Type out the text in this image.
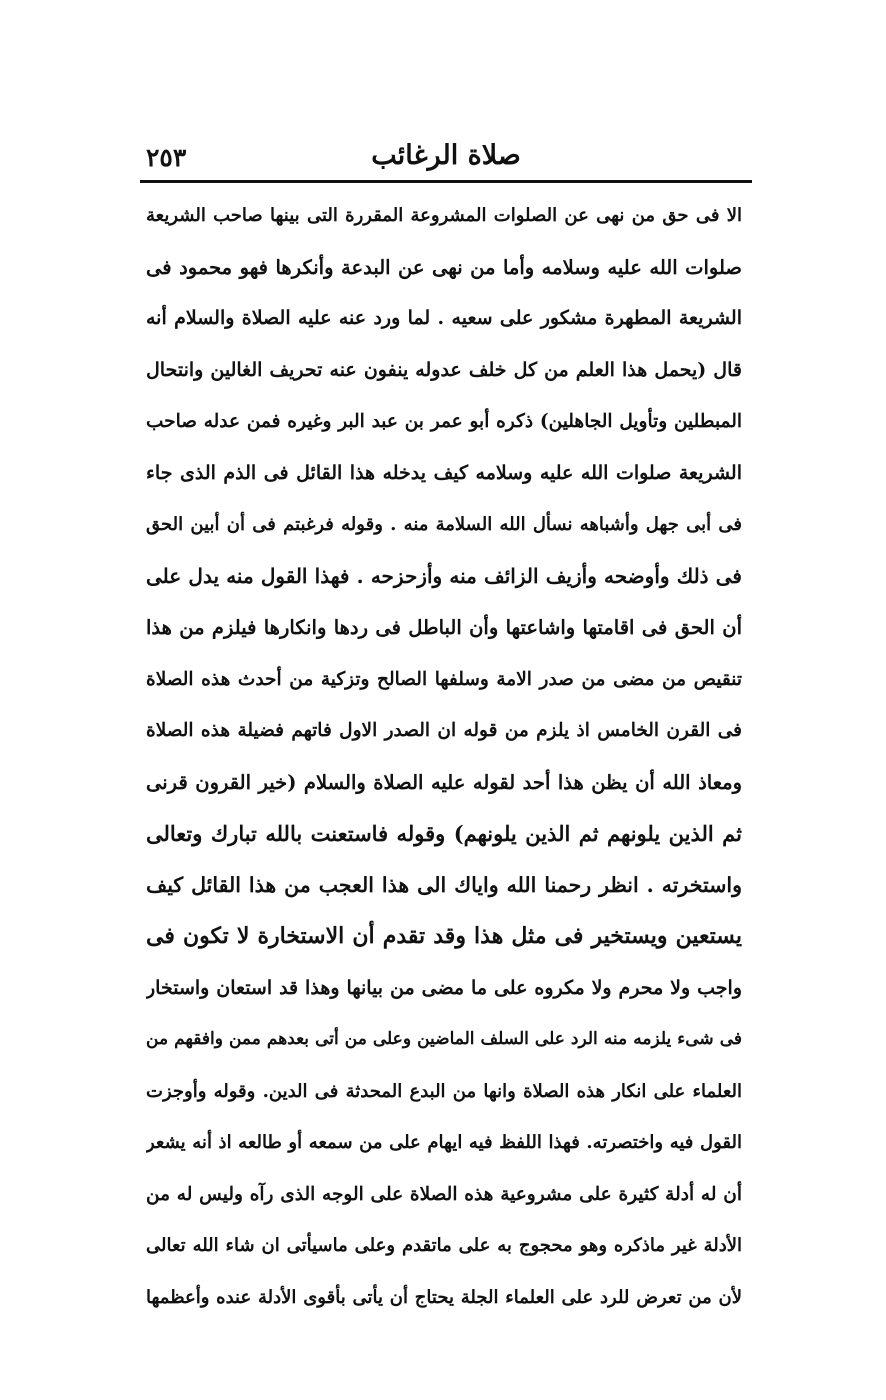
صلاة الرغائب
٢٥٣
الا فى حق من نهى عن الصلوات المشروعة المقررة التى بينها صاحب الشريعة
صلوات الله عليه وسلامه وأما من نهى عن البدعة وأنكرها فهو محمود فى
الشريعة المطهرة مشكور على سعيه . لما ورد عنه عليه الصلاة والسلام أنه
قال (يحمل هذا العلم من كل خلف عدوله ينفون عنه تحريف الغالين وانتحال
المبطلين وتأويل الجاهلين) ذكره أبو عمر بن عبد البر وغيره فمن عدله صاحب
الشريعة صلوات الله عليه وسلامه كيف يدخله هذا القائل فى الذم الذى جاء
فى أبى جهل وأشباهه نسأل الله السلامة منه . وقوله فرغبتم فى أن أبين الحق
فى ذلك وأوضحه وأزيف الزائف منه وأزحزحه . فهذا القول منه يدل على
أن الحق فى اقامتها واشاعتها وأن الباطل فى ردها وانكارها فيلزم من هذا
تنقيص من مضى من صدر الامة وسلفها الصالح وتزكية من أحدث هذه الصلاة
فى القرن الخامس اذ يلزم من قوله ان الصدر الاول فاتهم فضيلة هذه الصلاة
ومعاذ الله أن يظن هذا أحد لقوله عليه الصلاة والسلام (خير القرون قرنى
ثم الذين يلونهم ثم الذين يلونهم) وقوله فاستعنت بالله تبارك وتعالى
واستخرته . انظر رحمنا الله واياك الى هذا العجب من هذا القائل كيف
يستعين ويستخير فى مثل هذا وقد تقدم أن الاستخارة لا تكون فى
واجب ولا محرم ولا مكروه على ما مضى من بيانها وهذا قد استعان واستخار
فى شىء يلزمه منه الرد على السلف الماضين وعلى من أتى بعدهم ممن وافقهم من
العلماء على انكار هذه الصلاة وانها من البدع المحدثة فى الدين. وقوله وأوجزت
القول فيه واختصرته. فهذا اللفظ فيه ايهام على من سمعه أو طالعه اذ أنه يشعر
أن له أدلة كثيرة على مشروعية هذه الصلاة على الوجه الذى رآه وليس له من
الأدلة غير ماذكره وهو محجوج به على ماتقدم وعلى ماسيأتى ان شاء الله تعالى
لأن من تعرض للرد على العلماء الجلة يحتاج أن يأتى بأقوى الأدلة عنده وأعظمها
